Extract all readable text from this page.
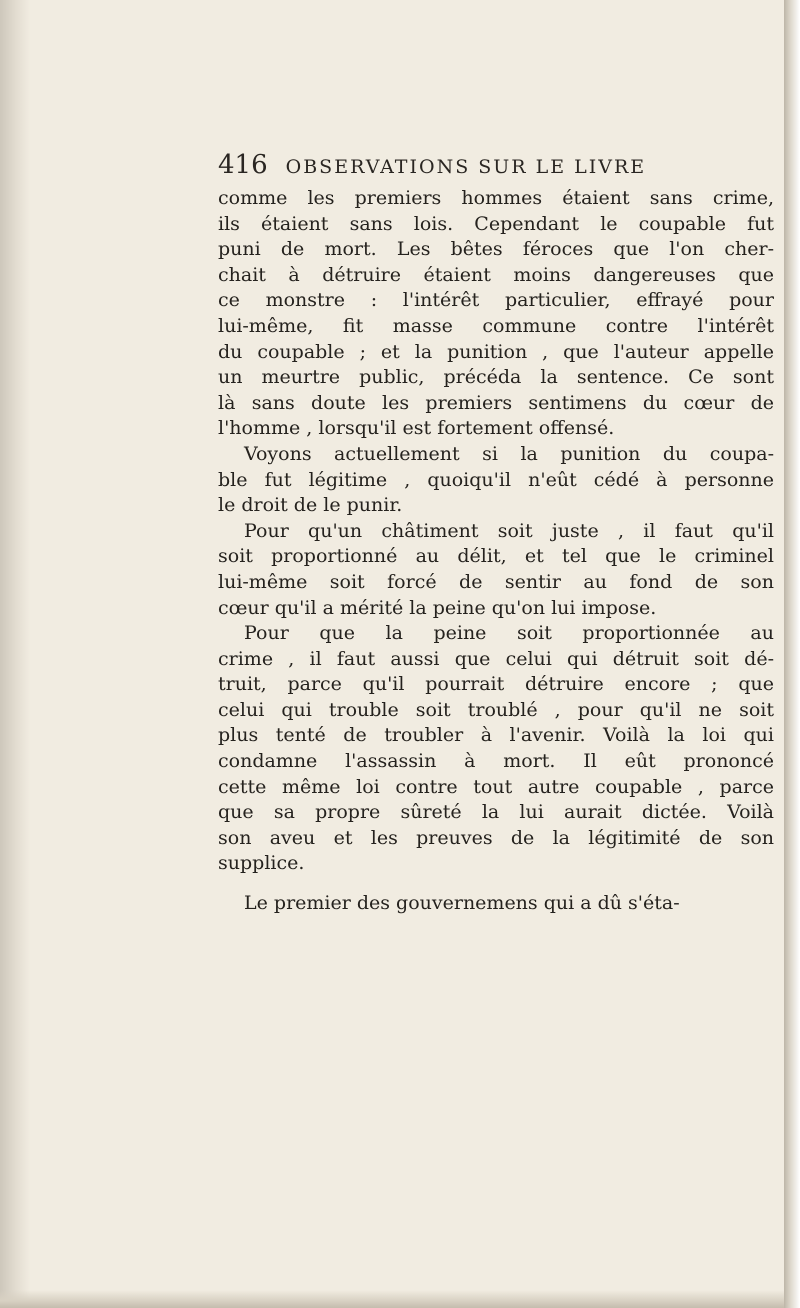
416 OBSERVATIONS SUR LE LIVRE
comme les premiers hommes étaient sans crime,
ils étaient sans lois. Cependant le coupable fut
puni de mort. Les bêtes féroces que l'on cher-
chait à détruire étaient moins dangereuses que
ce monstre : l'intérêt particulier, effrayé pour
lui-même, fit masse commune contre l'intérêt
du coupable ; et la punition , que l'auteur appelle
un meurtre public, précéda la sentence. Ce sont
là sans doute les premiers sentimens du cœur de
l'homme , lorsqu'il est fortement offensé.
Voyons actuellement si la punition du coupa-
ble fut légitime , quoiqu'il n'eût cédé à personne
le droit de le punir.
Pour qu'un châtiment soit juste , il faut qu'il
soit proportionné au délit, et tel que le criminel
lui-même soit forcé de sentir au fond de son
cœur qu'il a mérité la peine qu'on lui impose.
Pour que la peine soit proportionnée au
crime , il faut aussi que celui qui détruit soit dé-
truit, parce qu'il pourrait détruire encore ; que
celui qui trouble soit troublé , pour qu'il ne soit
plus tenté de troubler à l'avenir. Voilà la loi qui
condamne l'assassin à mort. Il eût prononcé
cette même loi contre tout autre coupable , parce
que sa propre sûreté la lui aurait dictée. Voilà
son aveu et les preuves de la légitimité de son
supplice.
Le premier des gouvernemens qui a dû s'éta-
